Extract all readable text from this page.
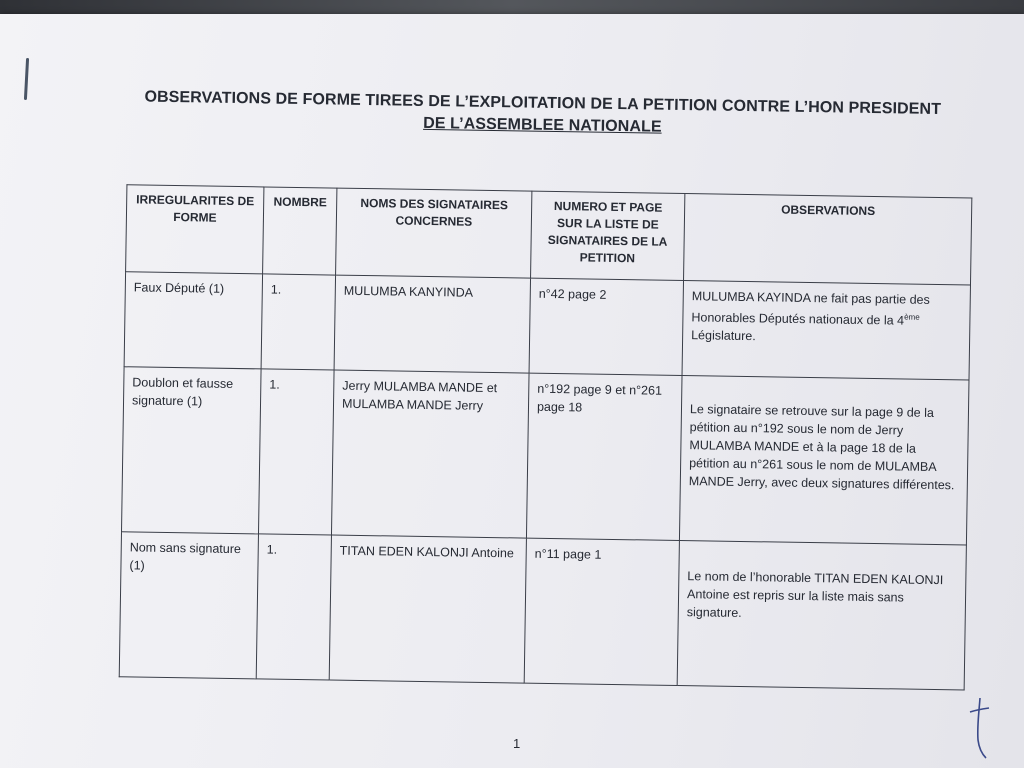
OBSERVATIONS DE FORME TIREES DE L’EXPLOITATION DE LA PETITION CONTRE L’HON PRESIDENT
DE L’ASSEMBLEE NATIONALE
IRREGULARITES DE FORME	NOMBRE	NOMS DES SIGNATAIRES CONCERNES	NUMERO ET PAGE SUR LA LISTE DE SIGNATAIRES DE LA PETITION	OBSERVATIONS
Faux Député (1)	1.	MULUMBA KANYINDA	n°42 page 2	MULUMBA KAYINDA ne fait pas partie des Honorables Députés nationaux de la 4ème Législature.
Doublon et fausse signature (1)	1.	Jerry MULAMBA MANDE et MULAMBA MANDE Jerry	n°192 page 9 et n°261 page 18	Le signataire se retrouve sur la page 9 de la pétition au n°192 sous le nom de Jerry MULAMBA MANDE et à la page 18 de la pétition au n°261 sous le nom de MULAMBA MANDE Jerry, avec deux signatures différentes.
Nom sans signature (1)	1.	TITAN EDEN KALONJI Antoine	n°11 page 1	Le nom de l’honorable TITAN EDEN KALONJI Antoine est repris sur la liste mais sans signature.
1
